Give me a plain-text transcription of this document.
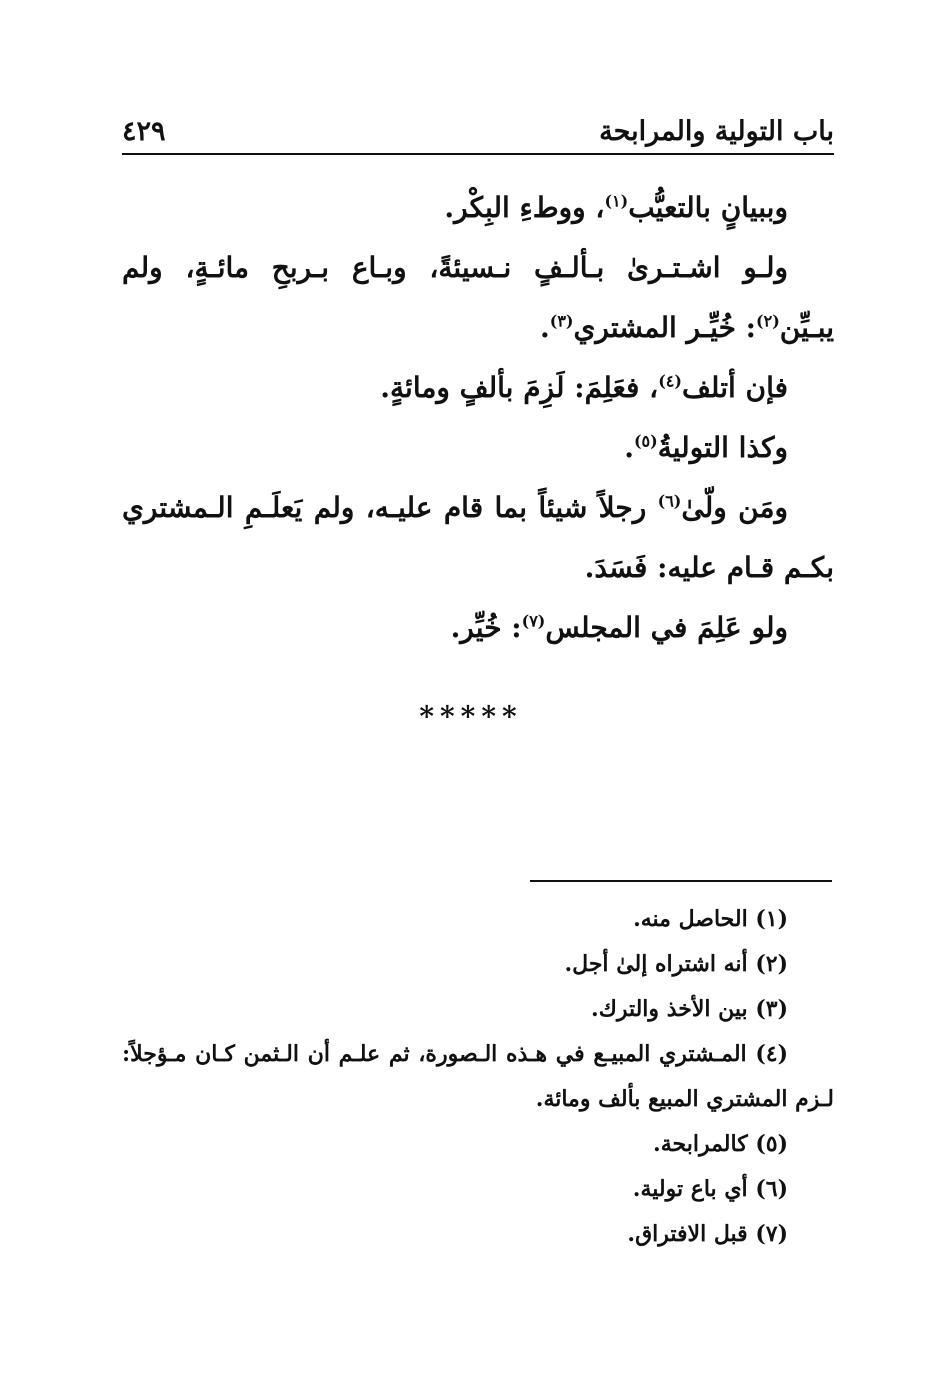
باب التولية والمرابحة
٤٢٩

وببيانٍ بالتعيُّب$^{(١)}$، ووطءِ البِكْر.

ولـو اشـتـرىٰ بـألـفٍ نـسيئةً، وبـاع بـربحِ مائـةٍ، ولم يبـيِّن$^{(٢)}$: خُيِّـر المشتري$^{(٣)}$.

فإن أتلف$^{(٤)}$، فعَلِمَ: لَزِمَ بألفٍ ومائةٍ.

وكذا التوليةُ$^{(٥)}$.

ومَن ولّىٰ$^{(٦)}$ رجلاً شيئاً بما قام عليـه، ولم يَعلَـمِ الـمشتري بكـم قـام عليه: فَسَدَ.

ولو عَلِمَ في المجلس$^{(٧)}$: خُيِّر.

*****

(١) الحاصل منه.

(٢) أنه اشتراه إلىٰ أجل.

(٣) بين الأخذ والترك.

(٤) المـشتري المبيـع في هـذه الـصورة، ثم علـم أن الـثمن كـان مـؤجلاً: لـزم المشتري المبيع بألف ومائة.

(٥) كالمرابحة.

(٦) أي باع تولية.

(٧) قبل الافتراق.
